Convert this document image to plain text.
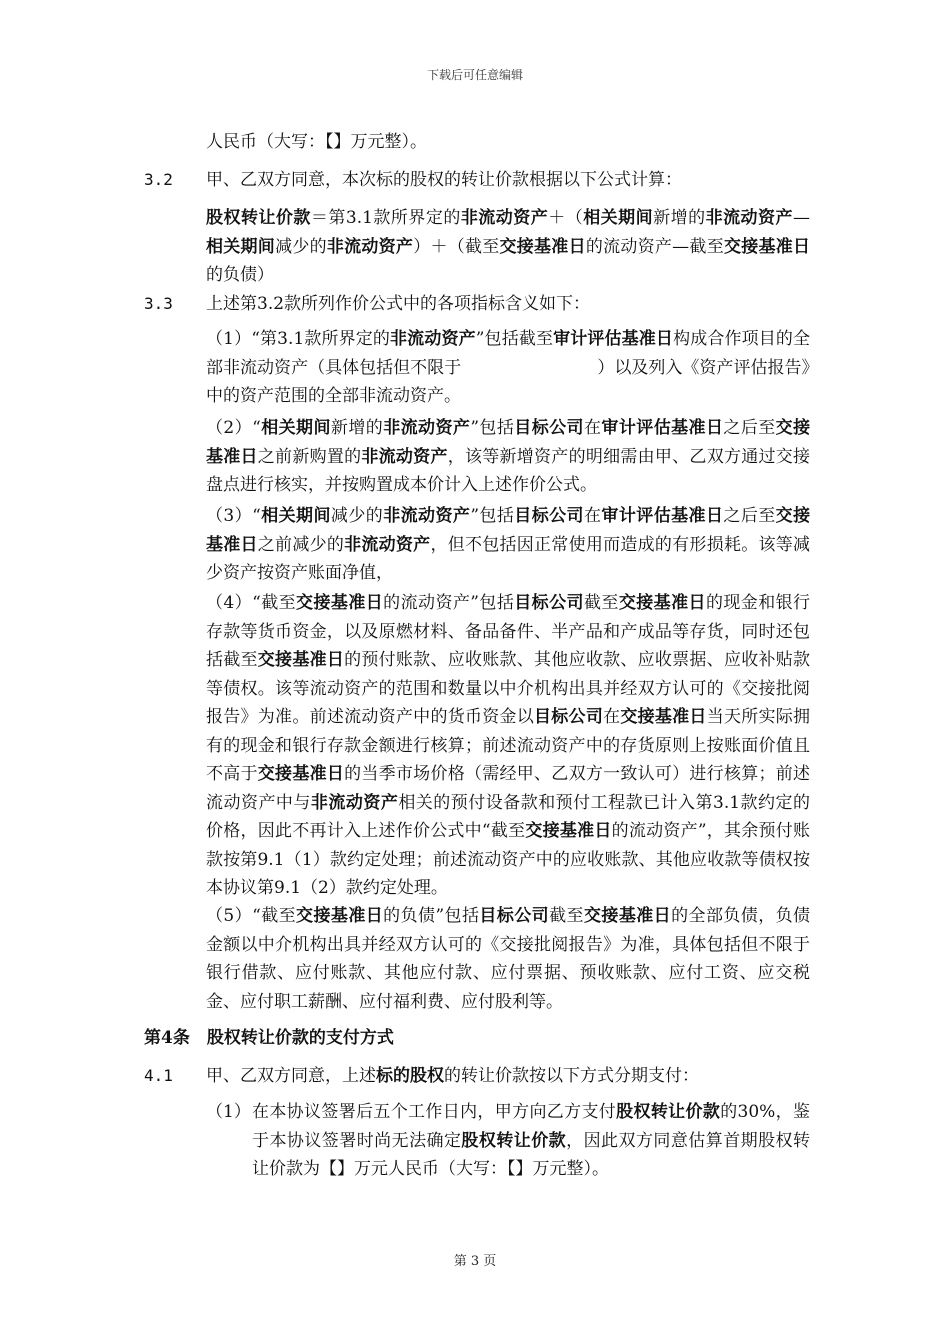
下载后可任意编辑
人民币（大写：【】万元整）。
3.2 甲、乙双方同意，本次标的股权的转让价款根据以下公式计算：
股权转让价款＝第3.1款所界定的非流动资产＋（相关期间新增的非流动资产—相关期间减少的非流动资产）＋（截至交接基准日的流动资产—截至交接基准日的负债）
3.3 上述第3.2款所列作价公式中的各项指标含义如下：
（1）“第3.1款所界定的非流动资产”包括截至审计评估基准日构成合作项目的全部非流动资产（具体包括但不限于　　　　　　　　）以及列入《资产评估报告》中的资产范围的全部非流动资产。
（2）“相关期间新增的非流动资产”包括目标公司在审计评估基准日之后至交接基准日之前新购置的非流动资产，该等新增资产的明细需由甲、乙双方通过交接盘点进行核实，并按购置成本价计入上述作价公式。
（3）“相关期间减少的非流动资产”包括目标公司在审计评估基准日之后至交接基准日之前减少的非流动资产，但不包括因正常使用而造成的有形损耗。该等减少资产按资产账面净值，
（4）“截至交接基准日的流动资产”包括目标公司截至交接基准日的现金和银行存款等货币资金，以及原燃材料、备品备件、半产品和产成品等存货，同时还包括截至交接基准日的预付账款、应收账款、其他应收款、应收票据、应收补贴款等债权。该等流动资产的范围和数量以中介机构出具并经双方认可的《交接批阅报告》为准。前述流动资产中的货币资金以目标公司在交接基准日当天所实际拥有的现金和银行存款金额进行核算；前述流动资产中的存货原则上按账面价值且不高于交接基准日的当季市场价格（需经甲、乙双方一致认可）进行核算；前述流动资产中与非流动资产相关的预付设备款和预付工程款已计入第3.1款约定的价格，因此不再计入上述作价公式中“截至交接基准日的流动资产”，其余预付账款按第9.1（1）款约定处理；前述流动资产中的应收账款、其他应收款等债权按本协议第9.1（2）款约定处理。
（5）“截至交接基准日的负债”包括目标公司截至交接基准日的全部负债，负债金额以中介机构出具并经双方认可的《交接批阅报告》为准，具体包括但不限于银行借款、应付账款、其他应付款、应付票据、预收账款、应付工资、应交税金、应付职工薪酬、应付福利费、应付股利等。
第4条　股权转让价款的支付方式
4.1 甲、乙双方同意，上述标的股权的转让价款按以下方式分期支付：
（1） 在本协议签署后五个工作日内，甲方向乙方支付股权转让价款的30%，鉴于本协议签署时尚无法确定股权转让价款，因此双方同意估算首期股权转让价款为【】万元人民币（大写：【】万元整）。
第 3 页
